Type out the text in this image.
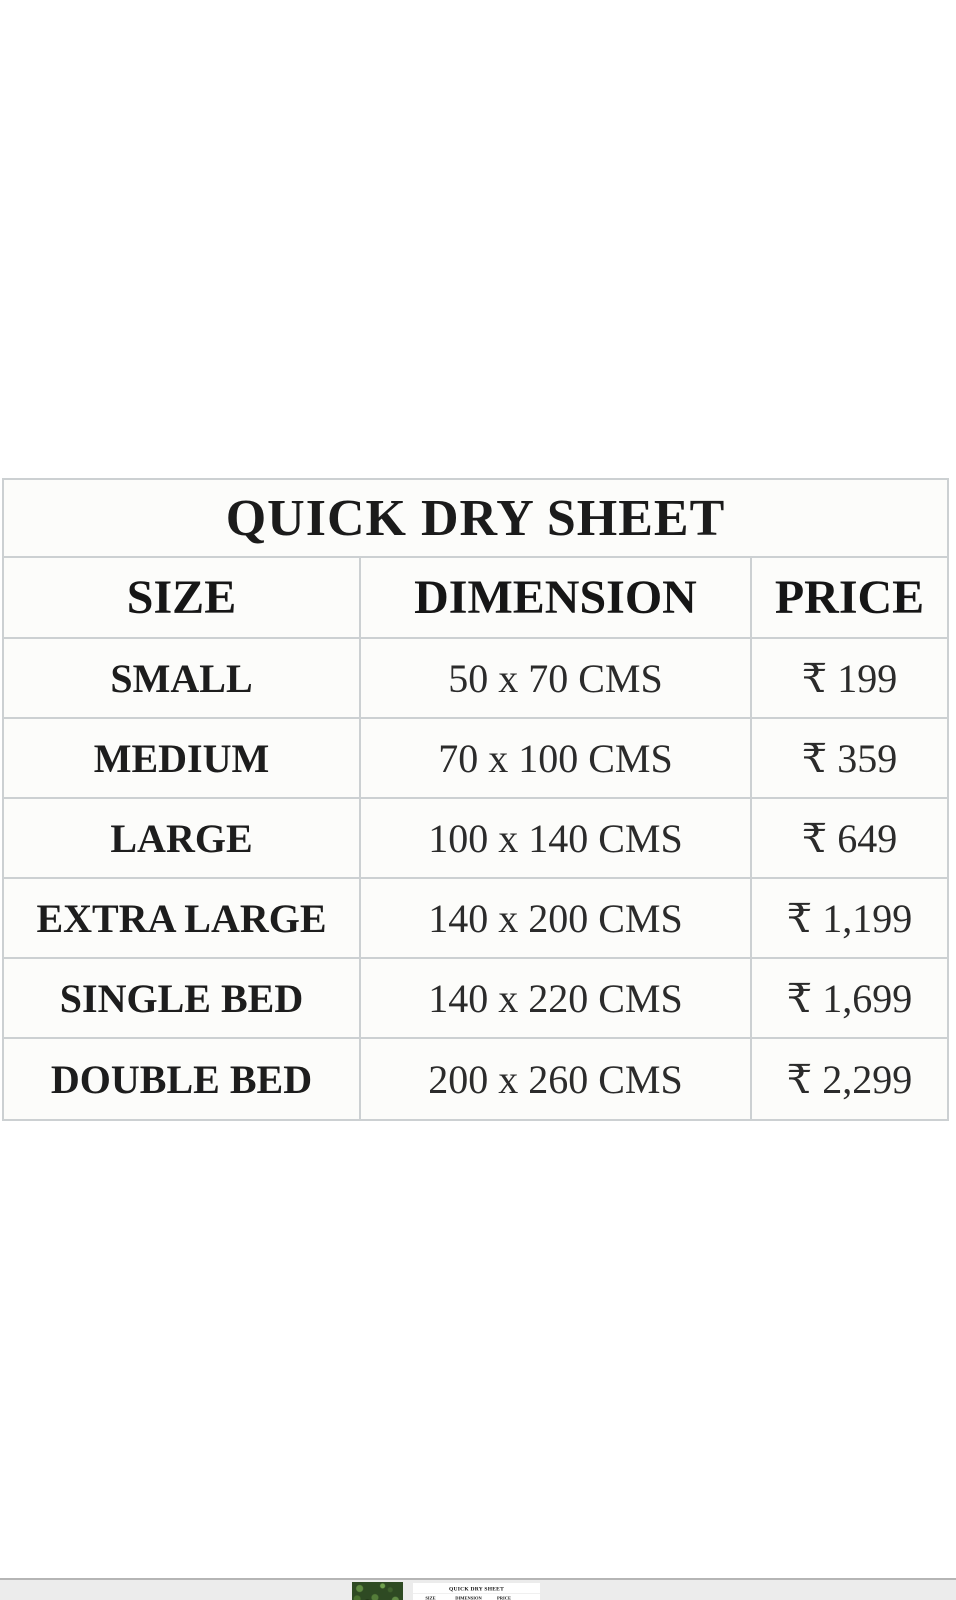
QUICK DRY SHEET
SIZE	DIMENSION	PRICE
SMALL	50 x 70 CMS	₹ 199
MEDIUM	70 x 100 CMS	₹ 359
LARGE	100 x 140 CMS	₹ 649
EXTRA LARGE	140 x 200 CMS	₹ 1,199
SINGLE BED	140 x 220 CMS	₹ 1,699
DOUBLE BED	200 x 260 CMS	₹ 2,299
QUICK DRY SHEET
SIZE	DIMENSION	PRICE
